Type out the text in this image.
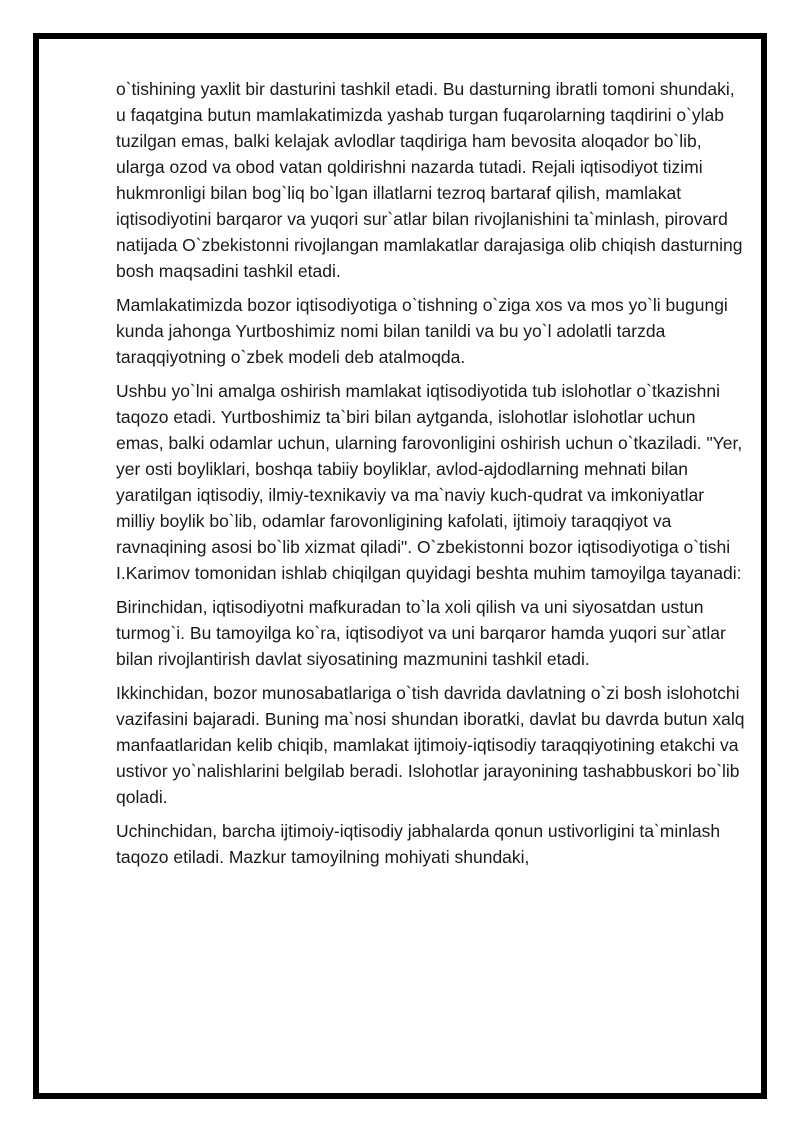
o`tishining yaxlit bir dasturini tashkil etadi. Bu dasturning ibratli tomoni shundaki, u faqatgina butun mamlakatimizda yashab turgan fuqarolarning taqdirini o`ylab tuzilgan emas, balki kelajak avlodlar taqdiriga ham bevosita aloqador bo`lib, ularga ozod va obod vatan qoldirishni nazarda tutadi. Rejali iqtisodiyot tizimi hukmronligi bilan bog`liq bo`lgan illatlarni tezroq bartaraf qilish, mamlakat iqtisodiyotini barqaror va yuqori sur`atlar bilan rivojlanishini ta`minlash, pirovard natijada O`zbekistonni rivojlangan mamlakatlar darajasiga olib chiqish dasturning bosh maqsadini tashkil etadi.

Mamlakatimizda bozor iqtisodiyotiga o`tishning o`ziga xos va mos yo`li bugungi kunda jahonga Yurtboshimiz nomi bilan tanildi va bu yo`l adolatli tarzda taraqqiyotning o`zbek modeli deb atalmoqda.

Ushbu yo`lni amalga oshirish mamlakat iqtisodiyotida tub islohotlar o`tkazishni taqozo etadi. Yurtboshimiz ta`biri bilan aytganda, islohotlar islohotlar uchun emas, balki odamlar uchun, ularning farovonligini oshirish uchun o`tkaziladi. "Yer, yer osti boyliklari, boshqa tabiiy boyliklar, avlod-ajdodlarning mehnati bilan yaratilgan iqtisodiy, ilmiy-texnikaviy va ma`naviy kuch-qudrat va imkoniyatlar milliy boylik bo`lib, odamlar farovonligining kafolati, ijtimoiy taraqqiyot va ravnaqining asosi bo`lib xizmat qiladi". O`zbekistonni bozor iqtisodiyotiga o`tishi I.Karimov tomonidan ishlab chiqilgan quyidagi beshta muhim tamoyilga tayanadi:

Birinchidan, iqtisodiyotni mafkuradan to`la xoli qilish va uni siyosatdan ustun turmog`i. Bu tamoyilga ko`ra, iqtisodiyot va uni barqaror hamda yuqori sur`atlar bilan rivojlantirish davlat siyosatining mazmunini tashkil etadi.

Ikkinchidan, bozor munosabatlariga o`tish davrida davlatning o`zi bosh islohotchi vazifasini bajaradi. Buning ma`nosi shundan iboratki, davlat bu davrda butun xalq manfaatlaridan kelib chiqib, mamlakat ijtimoiy-iqtisodiy taraqqiyotining etakchi va ustivor yo`nalishlarini belgilab beradi. Islohotlar jarayonining tashabbuskori bo`lib qoladi.

Uchinchidan, barcha ijtimoiy-iqtisodiy jabhalarda qonun ustivorligini ta`minlash taqozo etiladi. Mazkur tamoyilning mohiyati shundaki,
